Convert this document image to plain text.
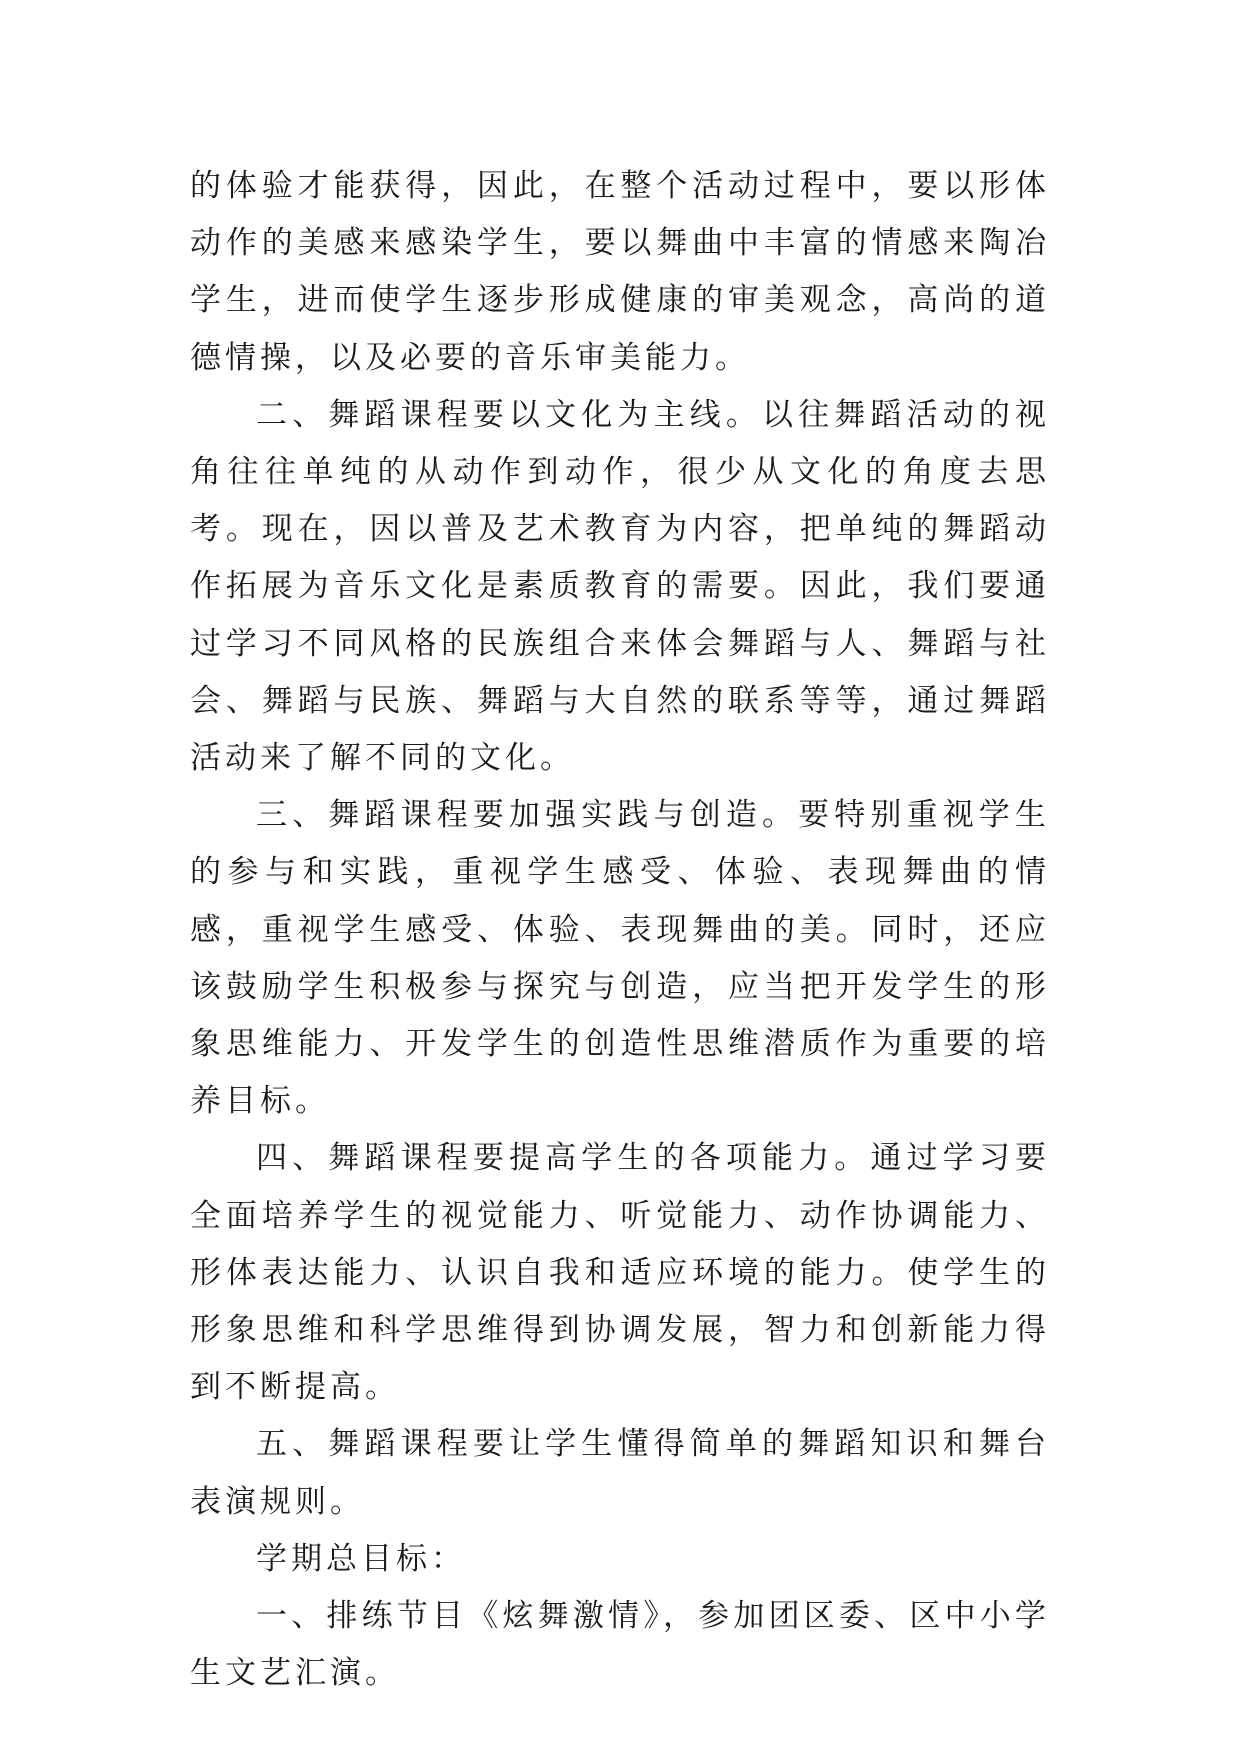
的体验才能获得，因此，在整个活动过程中，要以形体动作的美感来感染学生，要以舞曲中丰富的情感来陶冶学生，进而使学生逐步形成健康的审美观念，高尚的道德情操，以及必要的音乐审美能力。

二、舞蹈课程要以文化为主线。以往舞蹈活动的视角往往单纯的从动作到动作，很少从文化的角度去思考。现在，因以普及艺术教育为内容，把单纯的舞蹈动作拓展为音乐文化是素质教育的需要。因此，我们要通过学习不同风格的民族组合来体会舞蹈与人、舞蹈与社会、舞蹈与民族、舞蹈与大自然的联系等等，通过舞蹈活动来了解不同的文化。

三、舞蹈课程要加强实践与创造。要特别重视学生的参与和实践，重视学生感受、体验、表现舞曲的情感，重视学生感受、体验、表现舞曲的美。同时，还应该鼓励学生积极参与探究与创造，应当把开发学生的形象思维能力、开发学生的创造性思维潜质作为重要的培养目标。

四、舞蹈课程要提高学生的各项能力。通过学习要全面培养学生的视觉能力、听觉能力、动作协调能力、形体表达能力、认识自我和适应环境的能力。使学生的形象思维和科学思维得到协调发展，智力和创新能力得到不断提高。

五、舞蹈课程要让学生懂得简单的舞蹈知识和舞台表演规则。

学期总目标：

一、排练节目《炫舞激情》，参加团区委、区中小学生文艺汇演。
